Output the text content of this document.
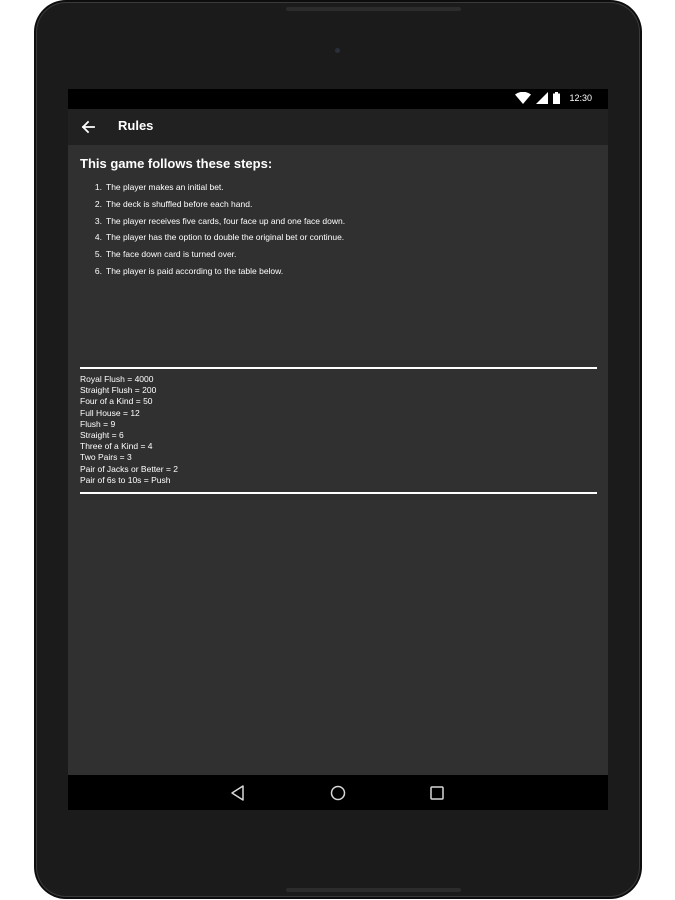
12:30
Rules
This game follows these steps:
1. The player makes an initial bet.
2. The deck is shuffled before each hand.
3. The player receives five cards, four face up and one face down.
4. The player has the option to double the original bet or continue.
5. The face down card is turned over.
6. The player is paid according to the table below.
Royal Flush = 4000
Straight Flush = 200
Four of a Kind = 50
Full House = 12
Flush = 9
Straight = 6
Three of a Kind = 4
Two Pairs = 3
Pair of Jacks or Better = 2
Pair of 6s to 10s = Push
